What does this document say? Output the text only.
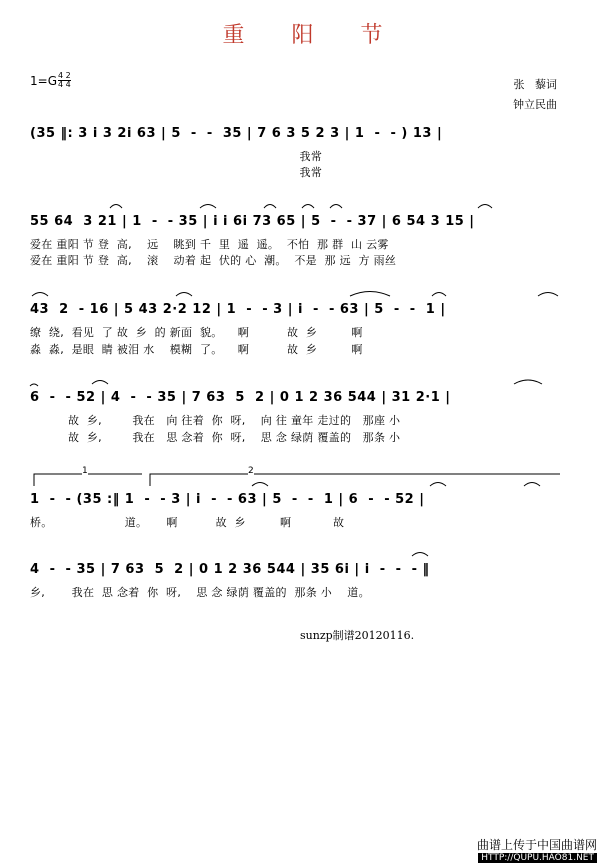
重 阳 节
$1=G \frac{4 2}{4 4}$	张   藜词
钟立民曲
(35 ‖: 3 i 3 2i 63 | 5  -  -  35 | 7 6 3 5 2 3 | 1  -  - ) 13 |
我常
我常
55 64  3 21 | 1  -  - 35 | i i 6i 73 65 | 5  -  - 37 | 6 54 3 15 |
爱在 重阳 节 登  高,    远    眺到 千  里  遥  遥。  不怕  那 群  山 云雾
爱在 重阳 节 登  高,    滚    动着 起  伏的 心  潮。  不是  那 远  方 雨丝
43  2  - 16 | 5 43 2·2 12 | 1  -  - 3 | i  -  - 63 | 5  -  -  1 |
缭  绕,  看见  了 故  乡  的 新面  貌。    啊          故  乡         啊
淼  淼,  是眼  睛 被泪 水    模糊  了。    啊          故  乡         啊
6  -  - 52 | 4  -  - 35 | 7 63  5  2 | 0 1 2 36 544 | 31 2·1 |
故  乡,        我在   向 往着  你  呀,    向 往 童年 走过的   那座 小
故  乡,        我在   思 念着  你  呀,    思 念 绿荫 覆盖的   那条 小
1	2
1  -  - (35 :‖ 1  -  - 3 | i  -  - 63 | 5  -  -  1 | 6  -  - 52 |
桥。                   道。     啊          故  乡         啊           故
4  -  - 35 | 7 63  5  2 | 0 1 2 36 544 | 35 6i | i  -  -  - ‖
乡,       我在  思 念着  你  呀,    思 念 绿荫 覆盖的  那条 小    道。
sunzp制谱20120116.
曲谱上传于中国曲谱网
HTTP://QUPU.HAO81.NET
